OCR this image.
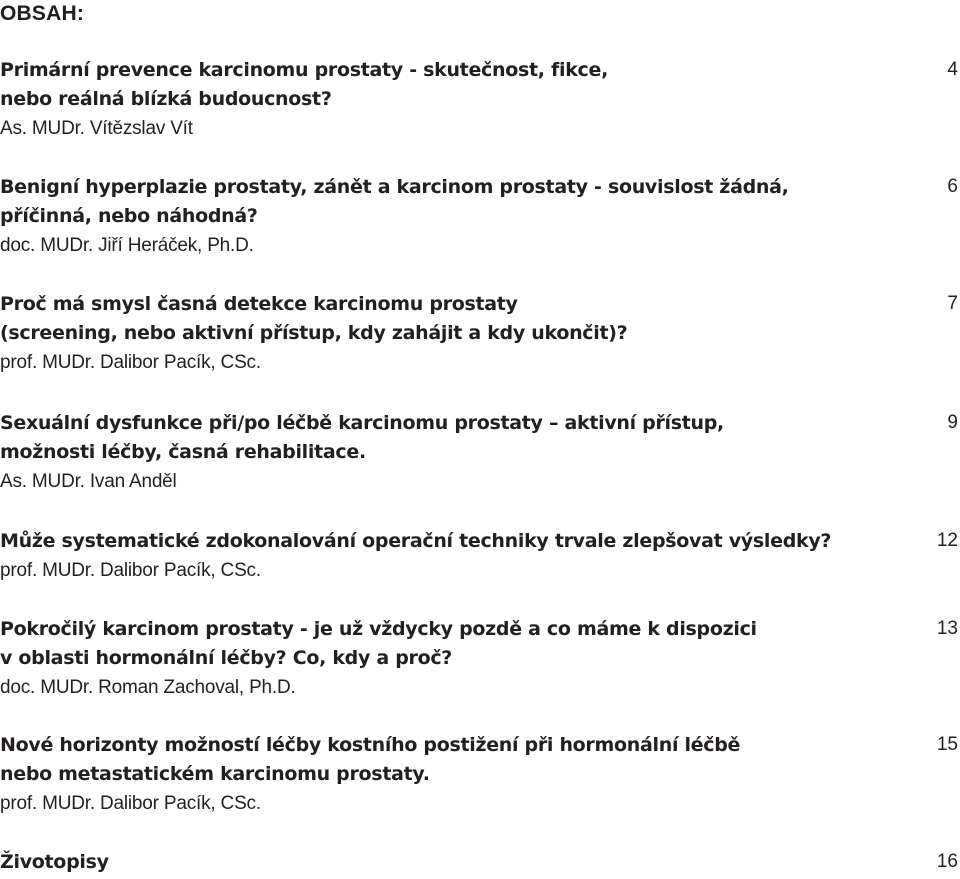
OBSAH:
Primární prevence karcinomu prostaty - skutečnost, fikce,
nebo reálná blízká budoucnost?
As. MUDr. Vítězslav Vít
4
Benigní hyperplazie prostaty, zánět a karcinom prostaty - souvislost žádná,
příčinná, nebo náhodná?
doc. MUDr. Jiří Heráček, Ph.D.
6
Proč má smysl časná detekce karcinomu prostaty
(screening, nebo aktivní přístup, kdy zahájit a kdy ukončit)?
prof. MUDr. Dalibor Pacík, CSc.
7
Sexuální dysfunkce při/po léčbě karcinomu prostaty – aktivní přístup,
možnosti léčby, časná rehabilitace.
As. MUDr. Ivan Anděl
9
Může systematické zdokonalování operační techniky trvale zlepšovat výsledky?
prof. MUDr. Dalibor Pacík, CSc.
12
Pokročilý karcinom prostaty - je už vždycky pozdě a co máme k dispozici
v oblasti hormonální léčby? Co, kdy a proč?
doc. MUDr. Roman Zachoval, Ph.D.
13
Nové horizonty možností léčby kostního postižení při hormonální léčbě
nebo metastatickém karcinomu prostaty.
prof. MUDr. Dalibor Pacík, CSc.
15
Životopisy	16
